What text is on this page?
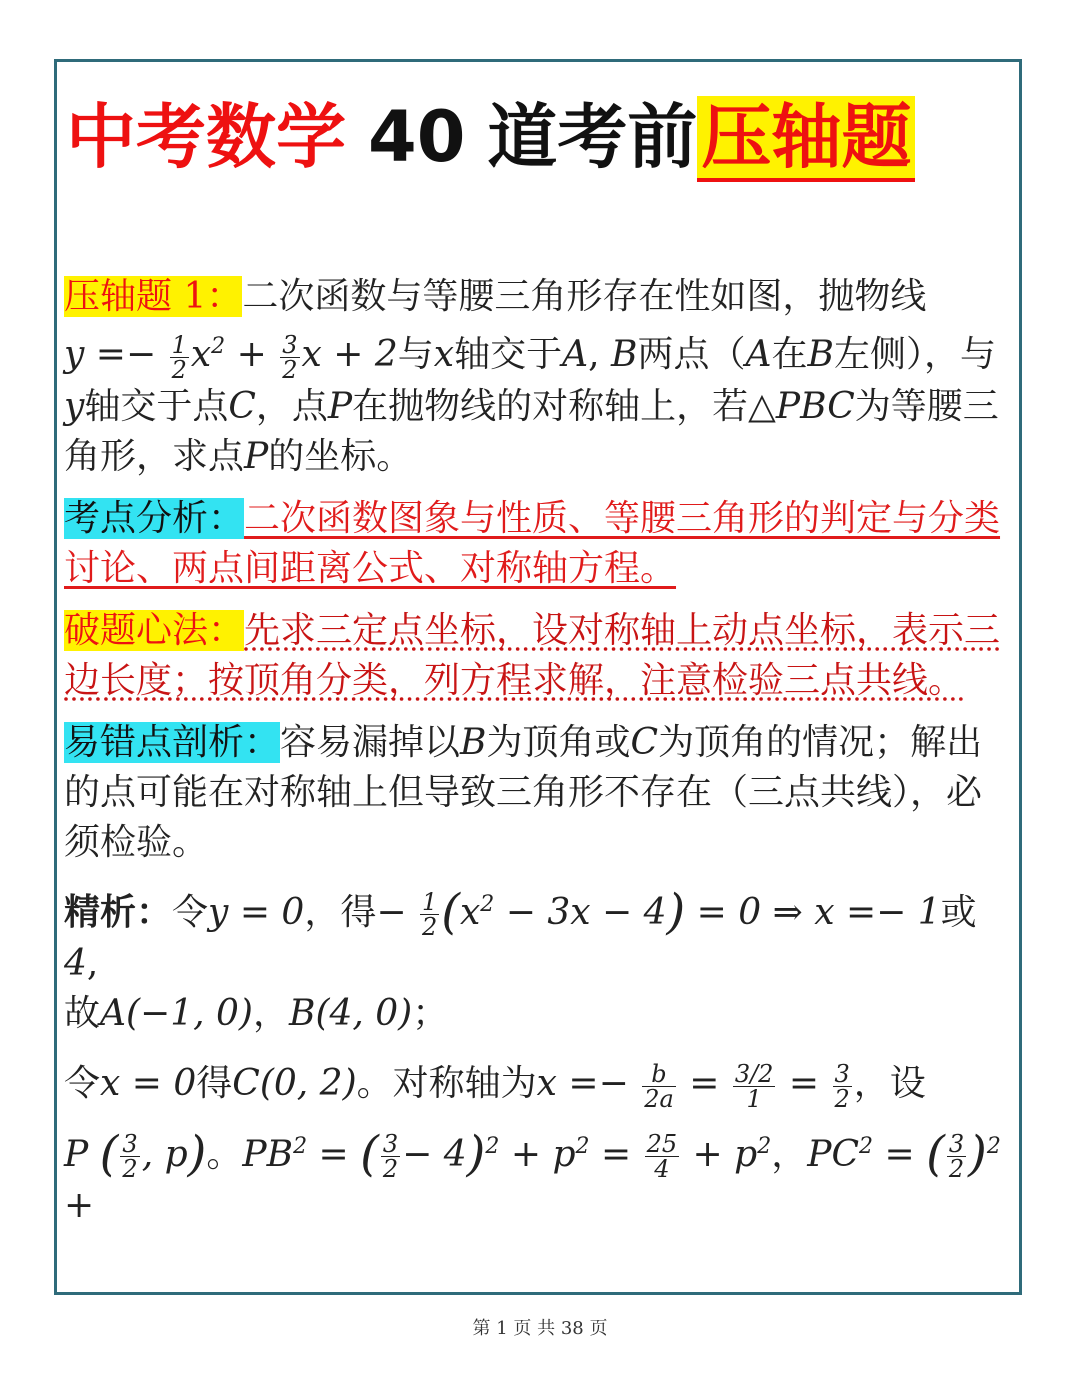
中考数学 40 道考前压轴题
压轴题 1：二次函数与等腰三角形存在性如图，抛物线
$y =- \frac{1}{2} x^2 + \frac{3}{2}$ x + 2与x轴交于A, B两点（A在B左侧），与
y轴交于点C，点P在抛物线的对称轴上，若△PBC为等腰三角形，求点P的坐标。
考点分析：二次函数图象与性质、等腰三角形的判定与分类讨论、两点间距离公式、对称轴方程。
破题心法：先求三定点坐标，设对称轴上动点坐标，表示三边长度；按顶角分类，列方程求解，注意检验三点共线。
易错点剖析：容易漏掉以B为顶角或C为顶角的情况；解出的点可能在对称轴上但导致三角形不存在（三点共线），必须检验。
精析：令y = 0，得− $\frac{1}{2} (x^2 - 3x - 4) = 0$ ⇒ x =− 1或4,
故A(−1, 0)，B(4, 0)；
令x = 0得C(0, 2)。对称轴为$x =- \frac{b}{2a} = \frac{3/2}{1} = \frac{3}{2}$ ，设
P ( $\frac{3}{2}$ , p)。$PB^2$ = ( $\frac{3}{2} - 4)^2 + p^2 = \frac{25}{4} + p^2$，$PC^2$ = ( $\frac{3}{2} )^2$ +
第 1 页 共 38 页
